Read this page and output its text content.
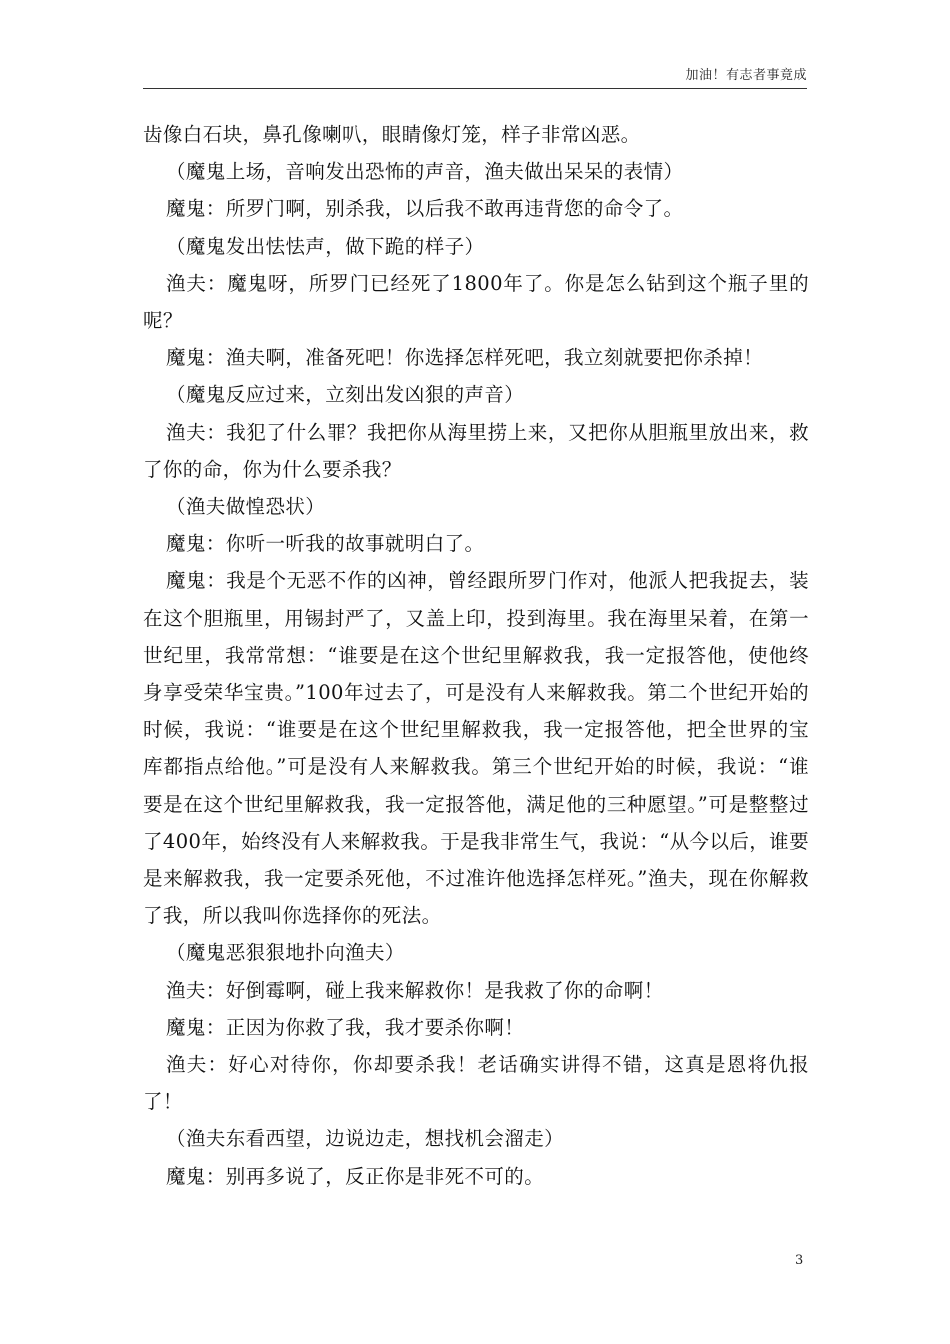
加油！有志者事竟成

齿像白石块，鼻孔像喇叭，眼睛像灯笼，样子非常凶恶。

（魔鬼上场，音响发出恐怖的声音，渔夫做出呆呆的表情）

魔鬼：所罗门啊，别杀我，以后我不敢再违背您的命令了。

（魔鬼发出怯怯声，做下跪的样子）

渔夫：魔鬼呀，所罗门已经死了1800年了。你是怎么钻到这个瓶子里的呢？

魔鬼：渔夫啊，准备死吧！你选择怎样死吧，我立刻就要把你杀掉！

（魔鬼反应过来，立刻出发凶狠的声音）

渔夫：我犯了什么罪？我把你从海里捞上来，又把你从胆瓶里放出来，救了你的命，你为什么要杀我？

（渔夫做惶恐状）

魔鬼：你听一听我的故事就明白了。

魔鬼：我是个无恶不作的凶神，曾经跟所罗门作对，他派人把我捉去，装在这个胆瓶里，用锡封严了，又盖上印，投到海里。我在海里呆着，在第一世纪里，我常常想：“谁要是在这个世纪里解救我，我一定报答他，使他终身享受荣华宝贵。”100年过去了，可是没有人来解救我。第二个世纪开始的时候，我说：“谁要是在这个世纪里解救我，我一定报答他，把全世界的宝库都指点给他。”可是没有人来解救我。第三个世纪开始的时候，我说：“谁要是在这个世纪里解救我，我一定报答他，满足他的三种愿望。”可是整整过了400年，始终没有人来解救我。于是我非常生气，我说：“从今以后，谁要是来解救我，我一定要杀死他，不过准许他选择怎样死。”渔夫，现在你解救了我，所以我叫你选择你的死法。

（魔鬼恶狠狠地扑向渔夫）

渔夫：好倒霉啊，碰上我来解救你！是我救了你的命啊！

魔鬼：正因为你救了我，我才要杀你啊！

渔夫：好心对待你，你却要杀我！老话确实讲得不错，这真是恩将仇报了！

（渔夫东看西望，边说边走，想找机会溜走）

魔鬼：别再多说了，反正你是非死不可的。

3
